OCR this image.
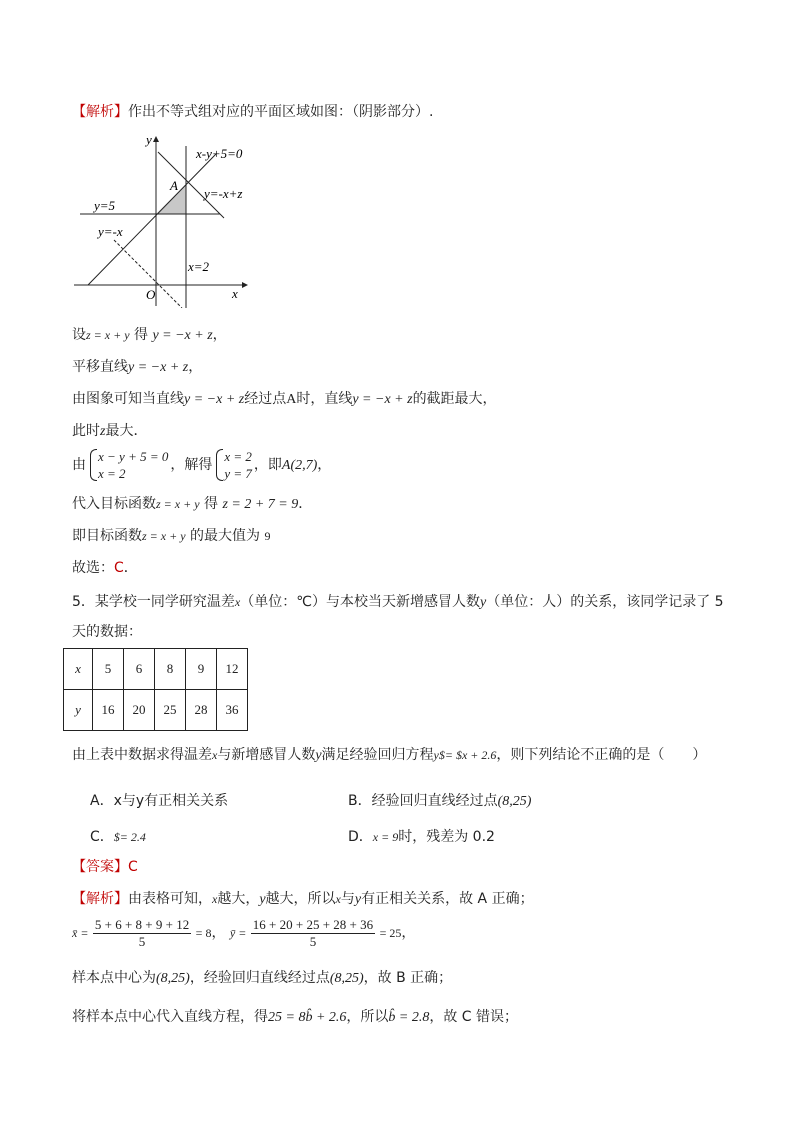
【解析】作出不等式组对应的平面区域如图：（阴影部分）.
y
x
O
A
x-y+5=0
y=-x+z
y=5
y=-x
x=2
设z = x + y 得 y = −x + z，
平移直线y = −x + z，
由图象可知当直线y = −x + z经过点A时，直线y = −x + z的截距最大，
此时z最大．
由
x − y + 5 = 0
x = 2
，解得
x = 2
y = 7
，即A(2,7)，
代入目标函数z = x + y 得 z = 2 + 7 = 9．
即目标函数z = x + y 的最大值为 9
故选：C．
5．某学校一同学研究温差x（单位：℃）与本校当天新增感冒人数y（单位：人）的关系，该同学记录了 5
天的数据：
x	5	6	8	9	12
y	16	20	25	28	36
由上表中数据求得温差x与新增感冒人数y满足经验回归方程y$= $x + 2.6，则下列结论不正确的是（　　）
A．x与y有正相关关系	B．经验回归直线经过点(8,25)
C．$= 2.4	D．x = 9时，残差为 0.2
【答案】C
【解析】由表格可知，x越大，y越大，所以x与y有正相关关系，故 A 正确；
x̄ = $\frac{5 + 6 + 8 + 9 + 12}{5} = 8$， ȳ = $\frac{16 + 20 + 25 + 28 + 36}{5} = 25$，
样本点中心为(8,25)，经验回归直线经过点(8,25)，故 B 正确；
将样本点中心代入直线方程，得25 = 8b̂ + 2.6，所以b̂ = 2.8，故 C 错误；
